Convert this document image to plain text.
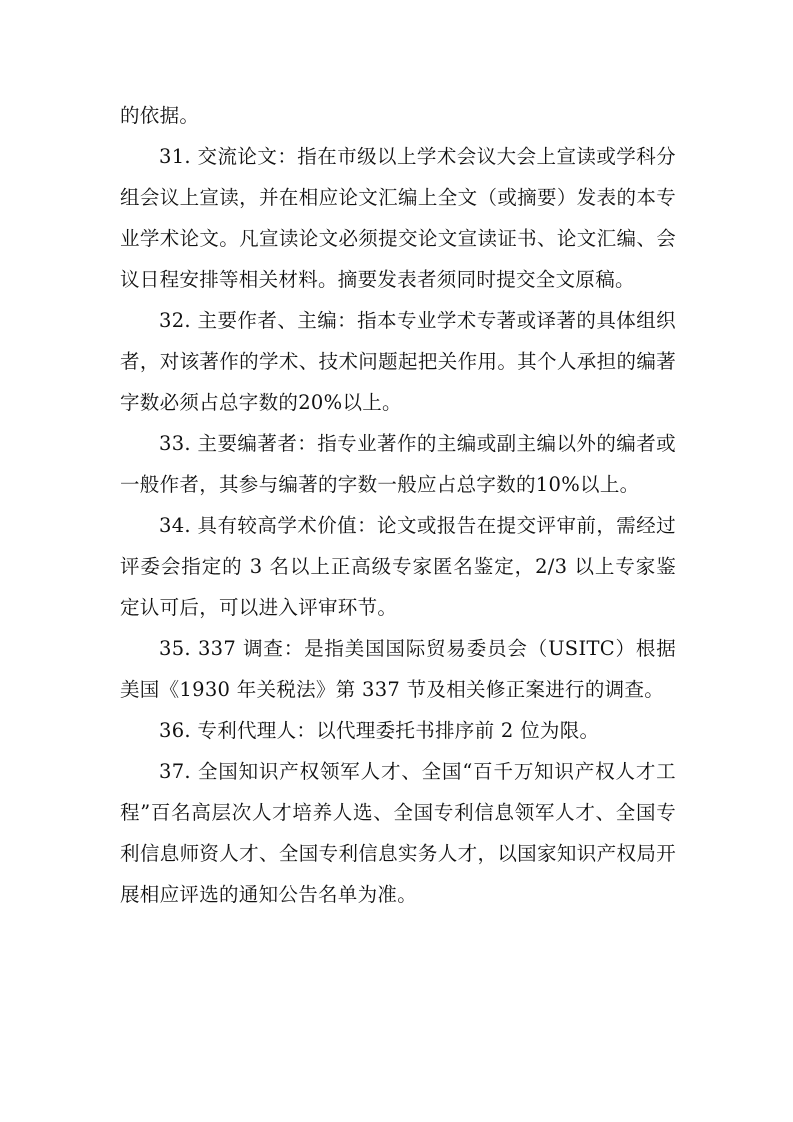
的依据。

31. 交流论文：指在市级以上学术会议大会上宣读或学科分组会议上宣读，并在相应论文汇编上全文（或摘要）发表的本专业学术论文。凡宣读论文必须提交论文宣读证书、论文汇编、会议日程安排等相关材料。摘要发表者须同时提交全文原稿。

32. 主要作者、主编：指本专业学术专著或译著的具体组织者，对该著作的学术、技术问题起把关作用。其个人承担的编著字数必须占总字数的20%以上。

33. 主要编著者：指专业著作的主编或副主编以外的编者或一般作者，其参与编著的字数一般应占总字数的10%以上。

34. 具有较高学术价值：论文或报告在提交评审前，需经过评委会指定的 3 名以上正高级专家匿名鉴定，2/3 以上专家鉴定认可后，可以进入评审环节。

35. 337 调查：是指美国国际贸易委员会（USITC）根据美国《1930 年关税法》第 337 节及相关修正案进行的调查。

36. 专利代理人：以代理委托书排序前 2 位为限。

37. 全国知识产权领军人才、全国“百千万知识产权人才工程”百名高层次人才培养人选、全国专利信息领军人才、全国专利信息师资人才、全国专利信息实务人才，以国家知识产权局开展相应评选的通知公告名单为准。
